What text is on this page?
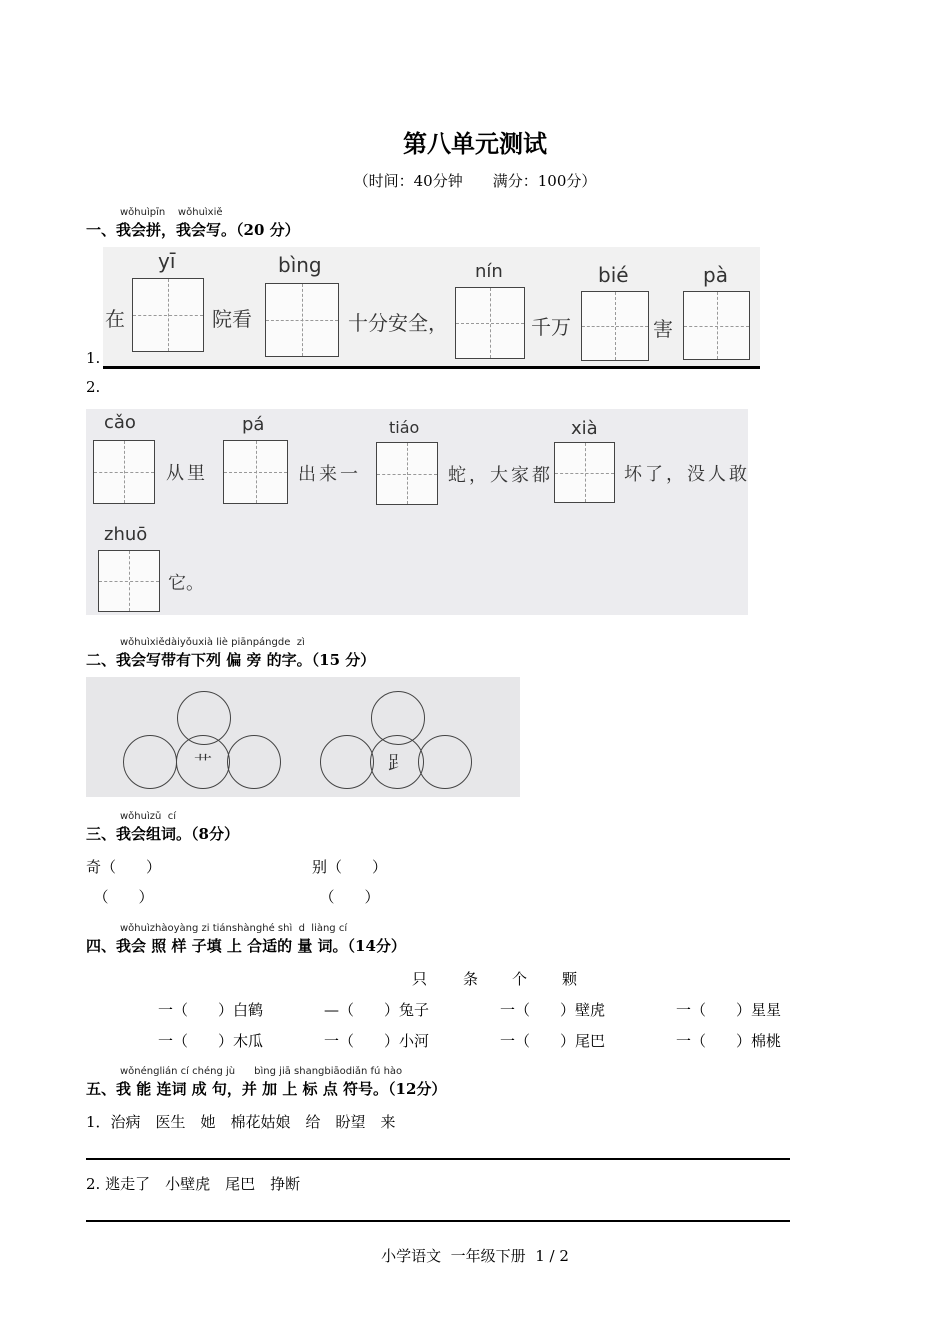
第八单元测试
（时间：40分钟　　满分：100分）
wǒhuìpīn    wǒhuìxiě
一、我会拼，我会写。（20 分）
yī	bìng	nín	bié	pà
在	院看	十分安全，	千万	害
1.
2.
cǎo	pá	tiáo	xià
从里	出来一	蛇，大家都	坏了，没人敢
zhuō
它。
wǒhuìxiědàiyǒuxià liè piānpángde  zì
二、我会写带有下列 偏 旁 的字。（15 分）
艹	𧾷
wǒhuìzǔ  cí
三、我会组词。（8分）
奇（　　）	别（　　）
　（　　）	　（　　）
wǒhuìzhàoyàng zi tiánshànghé shì  d  liàng cí
四、我会 照 样 子填 上 合适的 量 词。（14分）
只 条 个 颗
一（　　）白鹤	—（　　）兔子	一（　　）壁虎	一（　　）星星
一（　　）木瓜	一（　　）小河	一（　　）尾巴	一（　　）棉桃
wǒnénglián cí chéng jù      bìng jiā shangbiāodiǎn fú hào
五、我 能 连词 成 句，并 加 上 标 点 符号。（12分）
1．治病　医生　她　棉花姑娘　给　盼望　来
2. 逃走了　小壁虎　尾巴　挣断
小学语文  一年级下册  1 / 2
